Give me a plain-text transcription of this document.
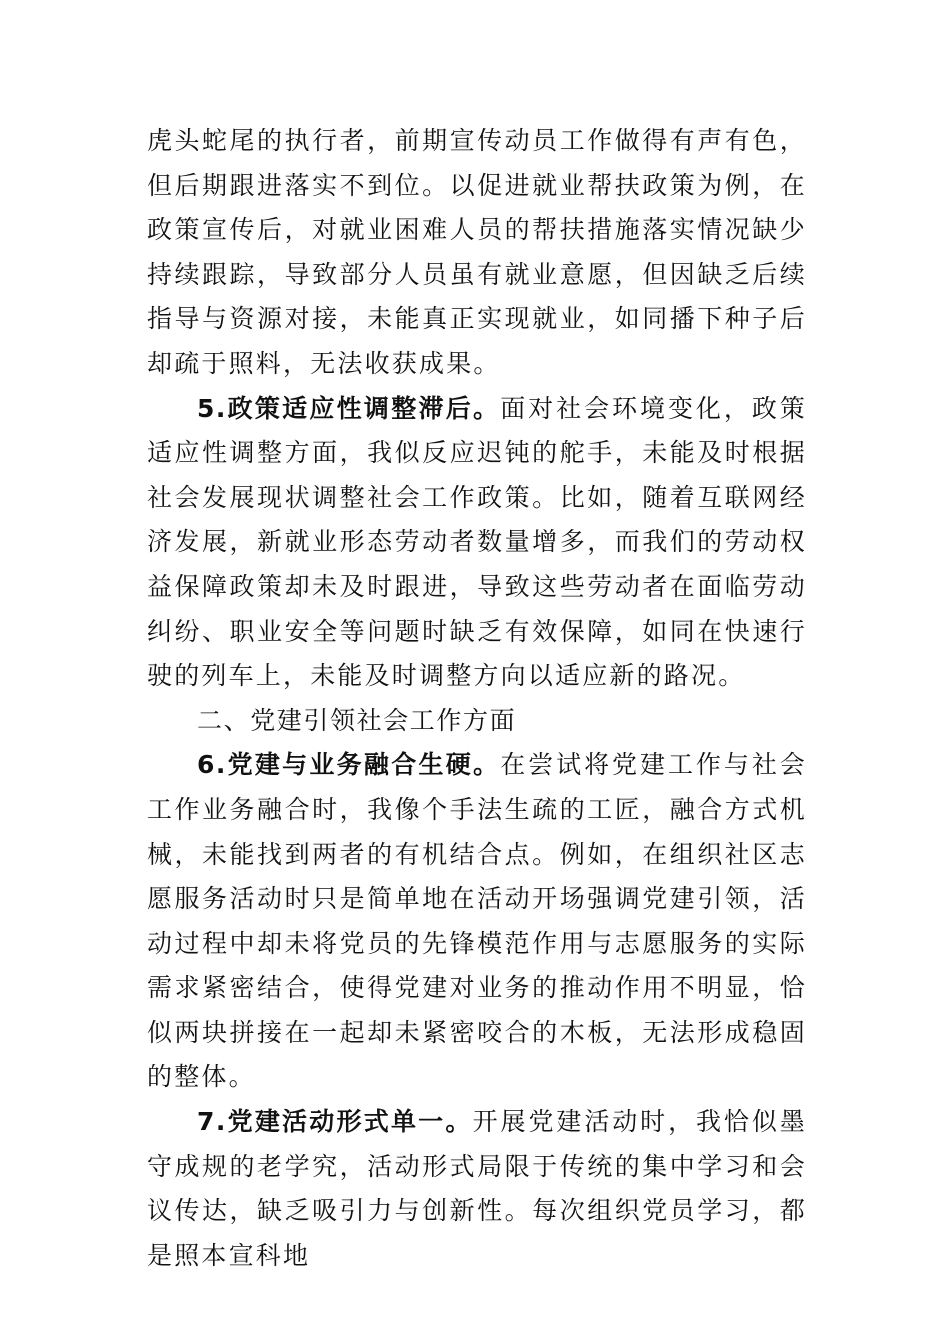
虎头蛇尾的执行者，前期宣传动员工作做得有声有色，但后期跟进落实不到位。以促进就业帮扶政策为例，在政策宣传后，对就业困难人员的帮扶措施落实情况缺少持续跟踪，导致部分人员虽有就业意愿，但因缺乏后续指导与资源对接，未能真正实现就业，如同播下种子后却疏于照料，无法收获成果。

5.政策适应性调整滞后。面对社会环境变化，政策适应性调整方面，我似反应迟钝的舵手，未能及时根据社会发展现状调整社会工作政策。比如，随着互联网经济发展，新就业形态劳动者数量增多，而我们的劳动权益保障政策却未及时跟进，导致这些劳动者在面临劳动纠纷、职业安全等问题时缺乏有效保障，如同在快速行驶的列车上，未能及时调整方向以适应新的路况。

二、党建引领社会工作方面

6.党建与业务融合生硬。在尝试将党建工作与社会工作业务融合时，我像个手法生疏的工匠，融合方式机械，未能找到两者的有机结合点。例如，在组织社区志愿服务活动时只是简单地在活动开场强调党建引领，活动过程中却未将党员的先锋模范作用与志愿服务的实际需求紧密结合，使得党建对业务的推动作用不明显，恰似两块拼接在一起却未紧密咬合的木板，无法形成稳固的整体。

7.党建活动形式单一。开展党建活动时，我恰似墨守成规的老学究，活动形式局限于传统的集中学习和会议传达，缺乏吸引力与创新性。每次组织党员学习，都是照本宣科地
